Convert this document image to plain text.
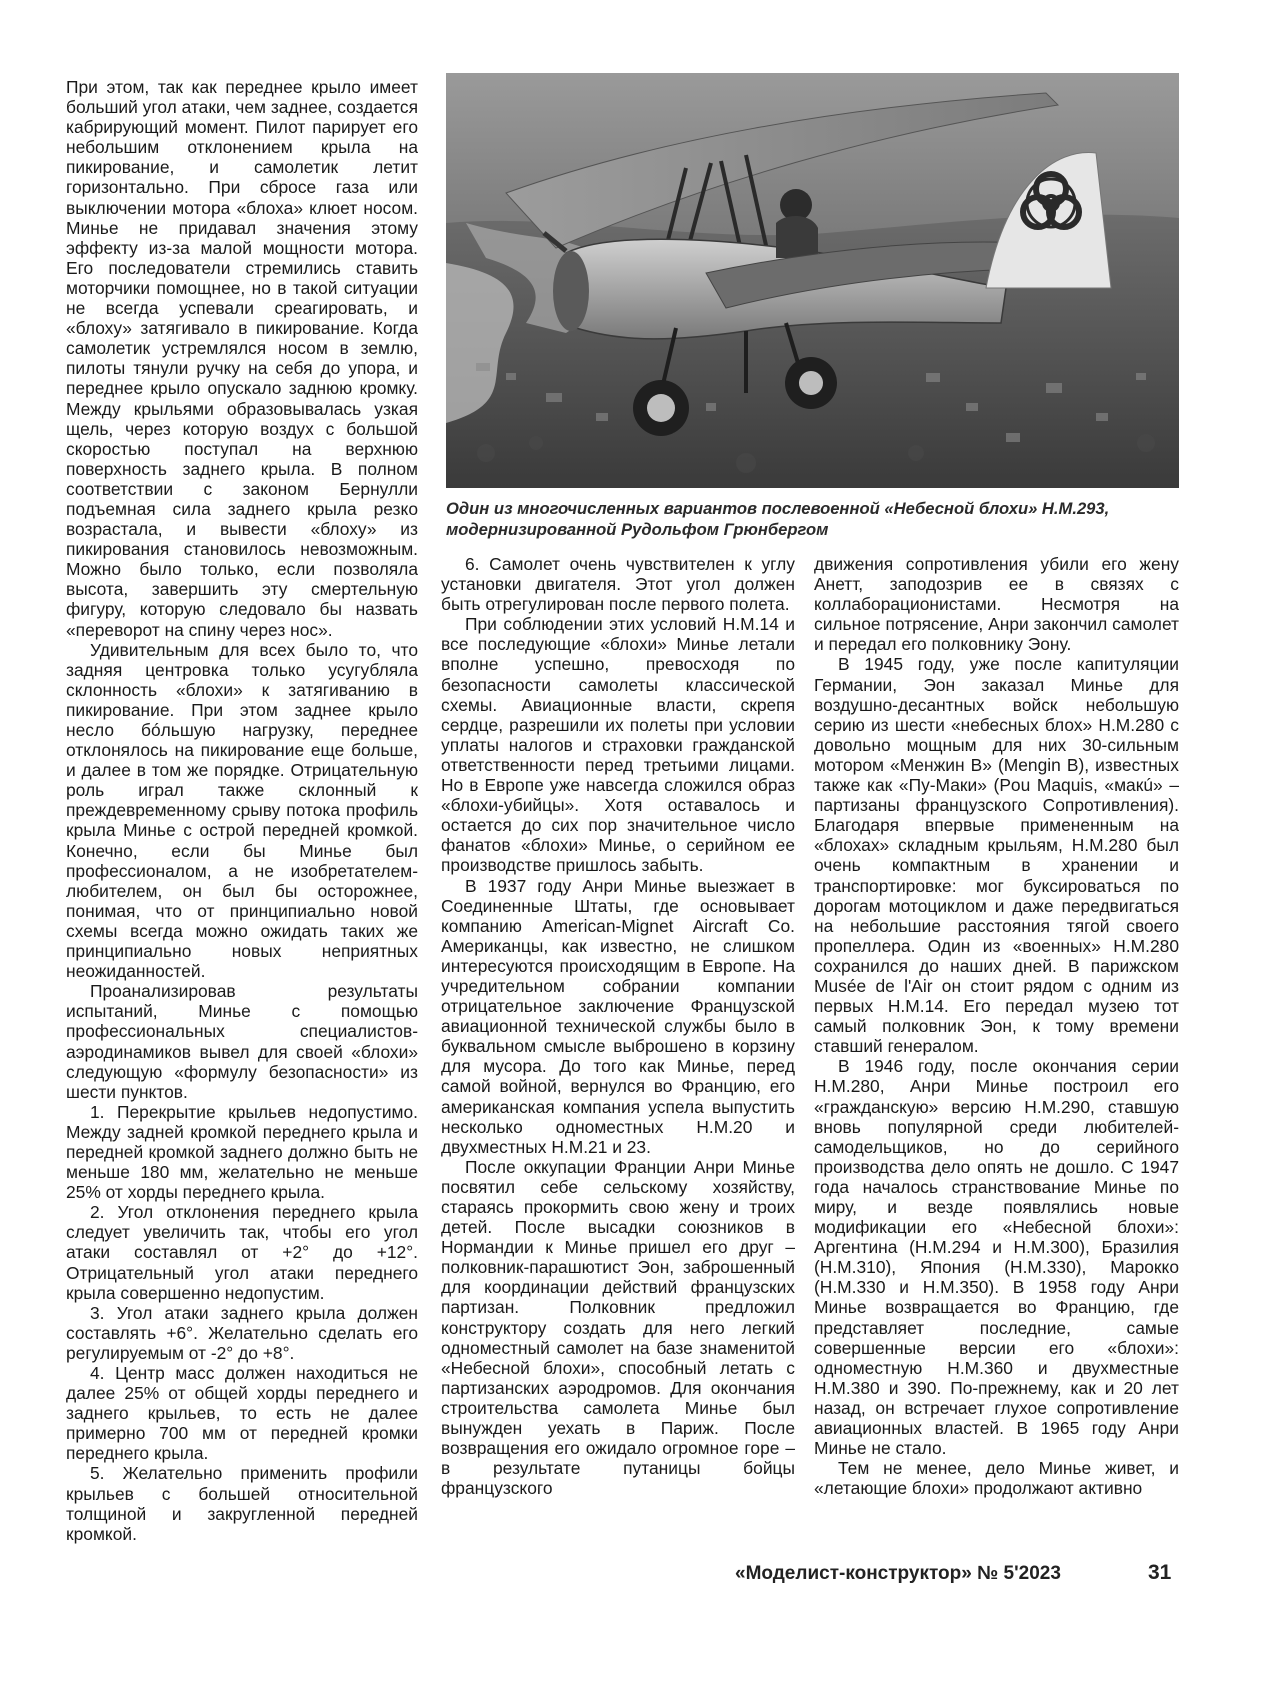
Один из многочисленных вариантов послевоенной «Небесной блохи» Н.М.293, модернизированной Рудольфом Грюнбергом

При этом, так как переднее крыло имеет больший угол атаки, чем заднее, создается кабрирующий момент. Пилот парирует его небольшим отклонением крыла на пикирование, и самолетик летит горизонтально. При сбросе газа или выключении мотора «блоха» клюет носом. Минье не придавал значения этому эффекту из-за малой мощности мотора. Его последователи стремились ставить моторчики помощнее, но в такой ситуации не всегда успевали среагировать, и «блоху» затягивало в пикирование. Когда самолетик устремлялся носом в землю, пилоты тянули ручку на себя до упора, и переднее крыло опускало заднюю кромку. Между крыльями образовывалась узкая щель, через которую воздух с большой скоростью поступал на верхнюю поверхность заднего крыла. В полном соответствии с законом Бернулли подъемная сила заднего крыла резко возрастала, и вывести «блоху» из пикирования становилось невозможным. Можно было только, если позволяла высота, завершить эту смертельную фигуру, которую следовало бы назвать «переворот на спину через нос».

Удивительным для всех было то, что задняя центровка только усугубляла склонность «блохи» к затягиванию в пикирование. При этом заднее крыло несло бóльшую нагрузку, переднее отклонялось на пикирование еще больше, и далее в том же порядке. Отрицательную роль играл также склонный к преждевременному срыву потока профиль крыла Минье с острой передней кромкой. Конечно, если бы Минье был профессионалом, а не изобретателем-любителем, он был бы осторожнее, понимая, что от принципиально новой схемы всегда можно ожидать таких же принципиально новых неприятных неожиданностей.

Проанализировав результаты испытаний, Минье с помощью профессиональных специалистов-аэродинамиков вывел для своей «блохи» следующую «формулу безопасности» из шести пунктов.

1. Перекрытие крыльев недопустимо. Между задней кромкой переднего крыла и передней кромкой заднего должно быть не меньше 180 мм, желательно не меньше 25% от хорды переднего крыла.

2. Угол отклонения переднего крыла следует увеличить так, чтобы его угол атаки составлял от +2° до +12°. Отрицательный угол атаки переднего крыла совершенно недопустим.

3. Угол атаки заднего крыла должен составлять +6°. Желательно сделать его регулируемым от -2° до +8°.

4. Центр масс должен находиться не далее 25% от общей хорды переднего и заднего крыльев, то есть не далее примерно 700 мм от передней кромки переднего крыла.

5. Желательно применить профили крыльев с большей относительной толщиной и закругленной передней кромкой.

6. Самолет очень чувствителен к углу установки двигателя. Этот угол должен быть отрегулирован после первого полета.

При соблюдении этих условий Н.М.14 и все последующие «блохи» Минье летали вполне успешно, превосходя по безопасности самолеты классической схемы. Авиационные власти, скрепя сердце, разрешили их полеты при условии уплаты налогов и страховки гражданской ответственности перед третьими лицами. Но в Европе уже навсегда сложился образ «блохи-убийцы». Хотя оставалось и остается до сих пор значительное число фанатов «блохи» Минье, о серийном ее производстве пришлось забыть.

В 1937 году Анри Минье выезжает в Соединенные Штаты, где основывает компанию American-Mignet Aircraft Co. Американцы, как известно, не слишком интересуются происходящим в Европе. На учредительном собрании компании отрицательное заключение Французской авиационной технической службы было в буквальном смысле выброшено в корзину для мусора. До того как Минье, перед самой войной, вернулся во Францию, его американская компания успела выпустить несколько одноместных Н.М.20 и двухместных Н.М.21 и 23.

После оккупации Франции Анри Минье посвятил себе сельскому хозяйству, стараясь прокормить свою жену и троих детей. После высадки союзников в Нормандии к Минье пришел его друг – полковник-парашютист Эон, заброшенный для координации действий французских партизан. Полковник предложил конструктору создать для него легкий одноместный самолет на базе знаменитой «Небесной блохи», способный летать с партизанских аэродромов. Для окончания строительства самолета Минье был вынужден уехать в Париж. После возвращения его ожидало огромное горе – в результате путаницы бойцы французского

движения сопротивления убили его жену Анетт, заподозрив ее в связях с коллаборационистами. Несмотря на сильное потрясение, Анри закончил самолет и передал его полковнику Эону.

В 1945 году, уже после капитуляции Германии, Эон заказал Минье для воздушно-десантных войск небольшую серию из шести «небесных блох» Н.М.280 с довольно мощным для них 30-сильным мотором «Менжин В» (Mengin B), известных также как «Пу-Маки» (Pou Maquis, «макú» – партизаны французского Сопротивления). Благодаря впервые примененным на «блохах» складным крыльям, Н.М.280 был очень компактным в хранении и транспортировке: мог буксироваться по дорогам мотоциклом и даже передвигаться на небольшие расстояния тягой своего пропеллера. Один из «военных» Н.М.280 сохранился до наших дней. В парижском Musée de l'Air он стоит рядом с одним из первых Н.М.14. Его передал музею тот самый полковник Эон, к тому времени ставший генералом.

В 1946 году, после окончания серии Н.М.280, Анри Минье построил его «гражданскую» версию Н.М.290, ставшую вновь популярной среди любителей-самодельщиков, но до серийного производства дело опять не дошло. С 1947 года началось странствование Минье по миру, и везде появлялись новые модификации его «Небесной блохи»: Аргентина (Н.М.294 и Н.М.300), Бразилия (Н.М.310), Япония (Н.М.330), Марокко (Н.М.330 и Н.М.350). В 1958 году Анри Минье возвращается во Францию, где представляет последние, самые совершенные версии его «блохи»: одноместную Н.М.360 и двухместные Н.М.380 и 390. По-прежнему, как и 20 лет назад, он встречает глухое сопротивление авиационных властей. В 1965 году Анри Минье не стало.

Тем не менее, дело Минье живет, и «летающие блохи» продолжают активно

«Моделист-конструктор» № 5'2023	31
